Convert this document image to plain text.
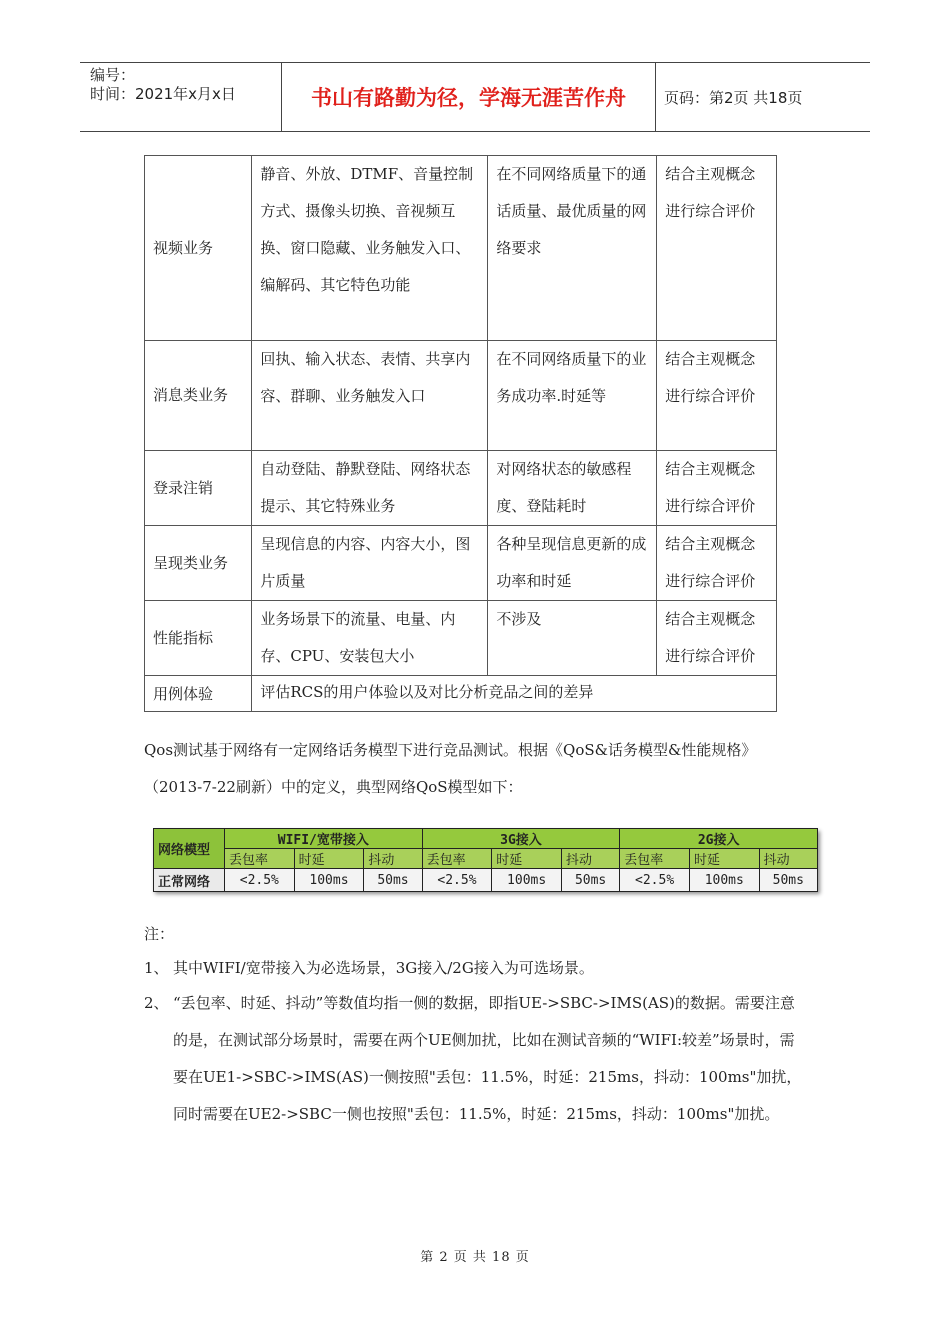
编号：
时间：2021年x月x日	书山有路勤为径，学海无涯苦作舟	页码：第2页 共18页
视频业务	静音、外放、DTMF、音量控制方式、摄像头切换、音视频互换、窗口隐藏、业务触发入口、编解码、其它特色功能	在不同网络质量下的通话质量、最优质量的网络要求	结合主观概念进行综合评价
消息类业务	回执、输入状态、表情、共享内容、群聊、业务触发入口	在不同网络质量下的业务成功率.时延等	结合主观概念进行综合评价
登录注销	自动登陆、静默登陆、网络状态提示、其它特殊业务	对网络状态的敏感程度、登陆耗时	结合主观概念进行综合评价
呈现类业务	呈现信息的内容、内容大小，图片质量	各种呈现信息更新的成功率和时延	结合主观概念进行综合评价
性能指标	业务场景下的流量、电量、内存、CPU、安装包大小	不涉及	结合主观概念进行综合评价
用例体验	评估RCS的用户体验以及对比分析竞品之间的差异		
Qos测试基于网络有一定网络话务模型下进行竞品测试。根据《QoS&话务模型&性能规格》（2013-7-22刷新）中的定义，典型网络QoS模型如下：
网络模型	WIFI/宽带接入			3G接入			2G接入		
	丢包率	时延	抖动	丢包率	时延	抖动	丢包率	时延	抖动
正常网络	<2.5%	100ms	50ms	<2.5%	100ms	50ms	<2.5%	100ms	50ms
注：
1、 其中WIFI/宽带接入为必选场景，3G接入/2G接入为可选场景。
2、 “丢包率、时延、抖动”等数值均指一侧的数据，即指UE->SBC->IMS(AS)的数据。需要注意的是，在测试部分场景时，需要在两个UE侧加扰，比如在测试音频的“WIFI:较差”场景时，需要在UE1->SBC->IMS(AS)一侧按照"丢包：11.5%，时延：215ms，抖动：100ms"加扰，同时需要在UE2->SBC一侧也按照"丢包：11.5%，时延：215ms，抖动：100ms"加扰。
第 2 页 共 18 页
